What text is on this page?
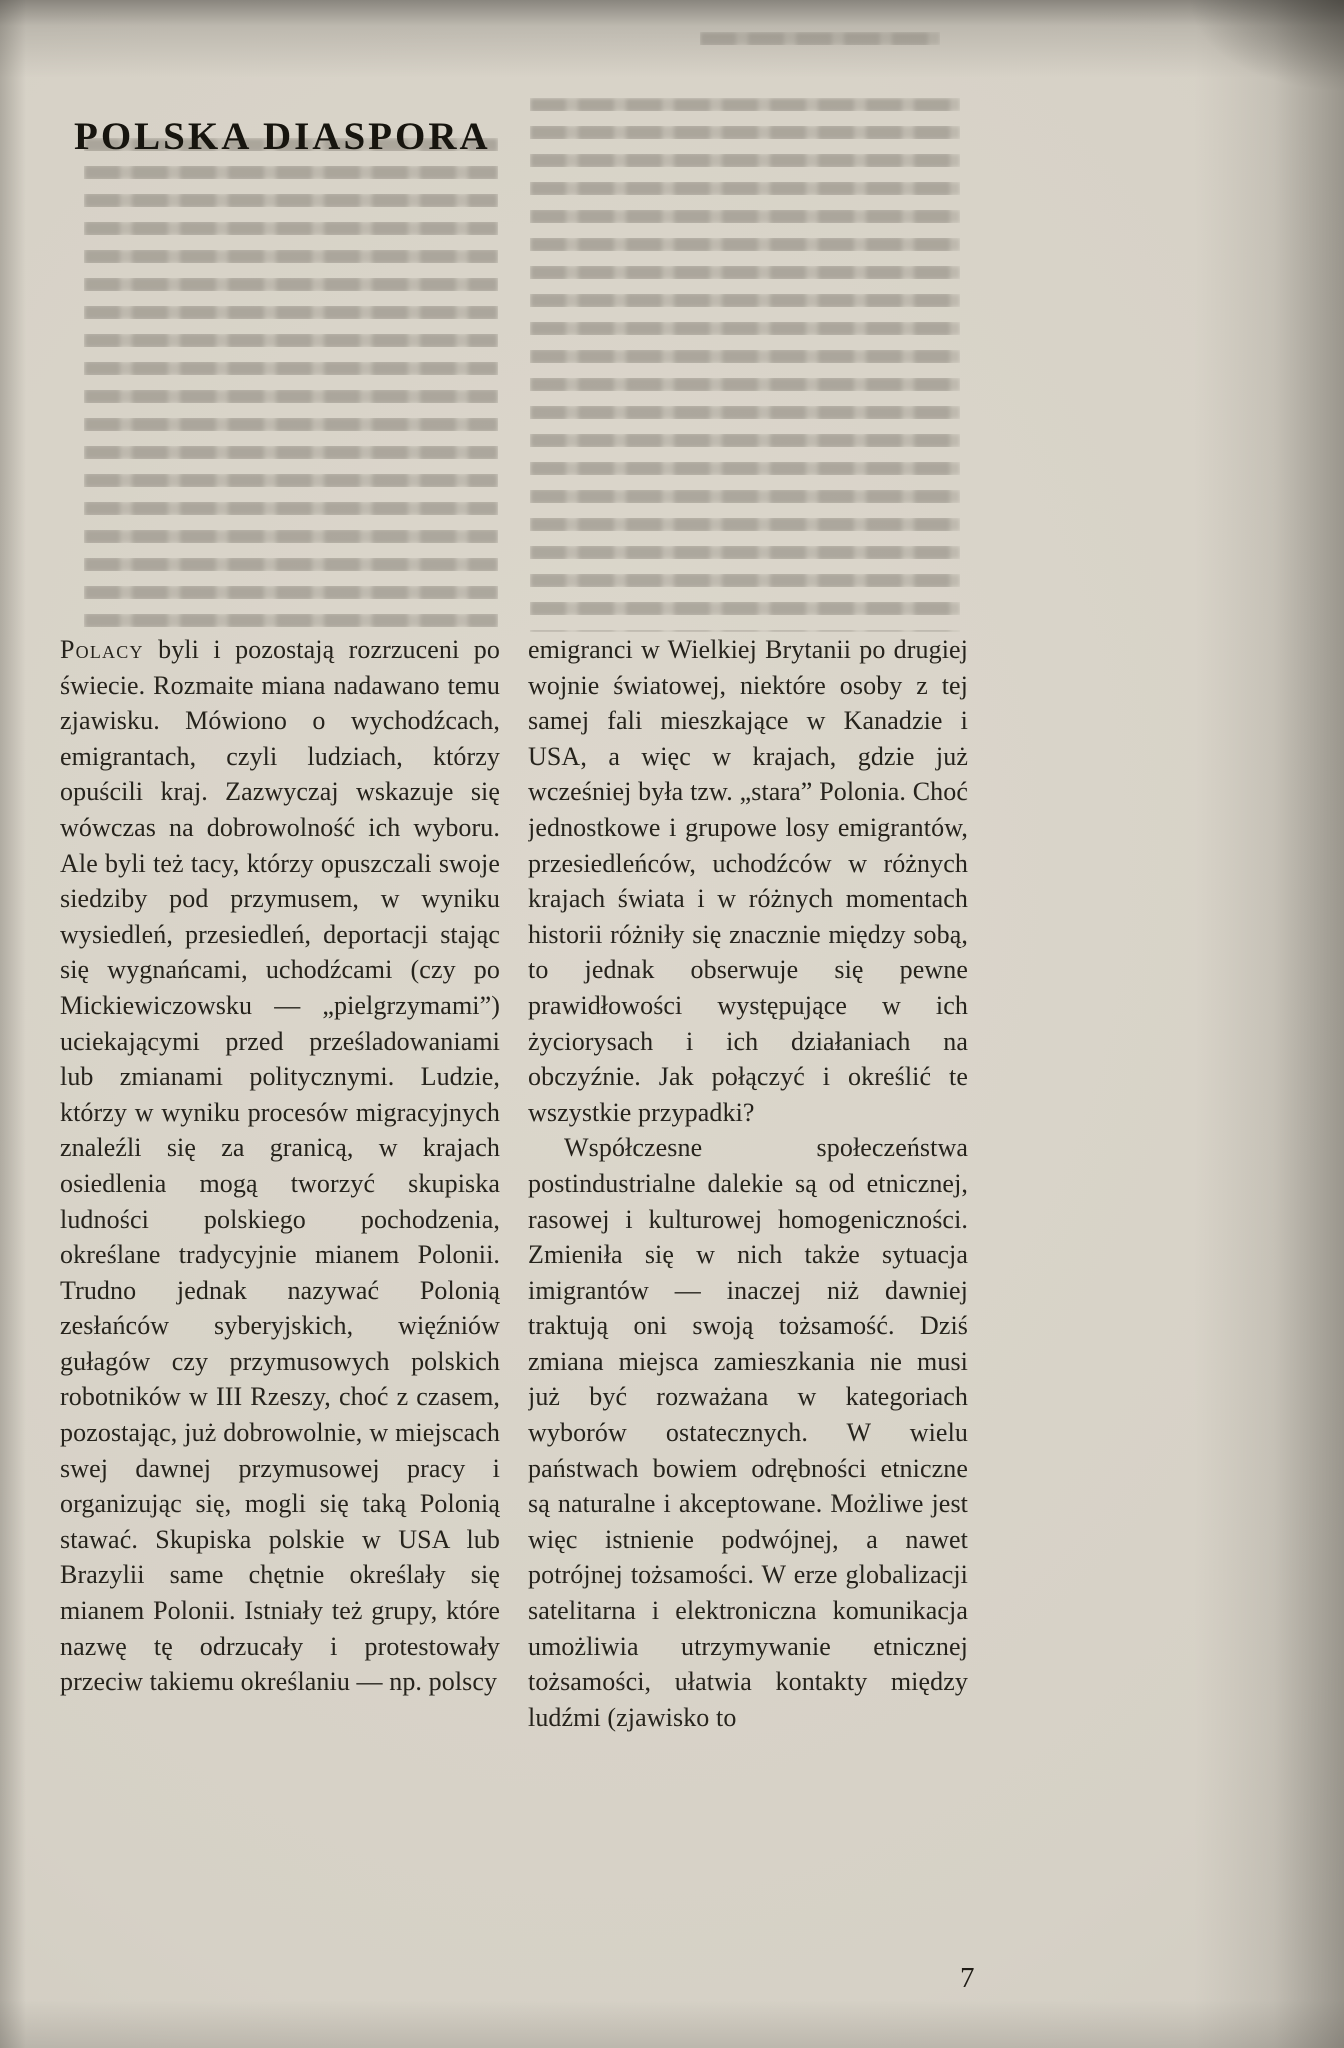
POLSKA DIASPORA

Polacy byli i pozostają rozrzuceni po świecie. Rozmaite miana nadawano temu zjawisku. Mówiono o wychodźcach, emigrantach, czyli ludziach, którzy opuścili kraj. Zazwyczaj wskazuje się wówczas na dobrowolność ich wyboru. Ale byli też tacy, którzy opuszczali swoje siedziby pod przymusem, w wyniku wysiedleń, przesiedleń, deportacji stając się wygnańcami, uchodźcami (czy po Mickiewiczowsku — „pielgrzymami”) uciekającymi przed prześladowaniami lub zmianami politycznymi. Ludzie, którzy w wyniku procesów migracyjnych znaleźli się za granicą, w krajach osiedlenia mogą tworzyć skupiska ludności polskiego pochodzenia, określane tradycyjnie mianem Polonii. Trudno jednak nazywać Polonią zesłańców syberyjskich, więźniów gułagów czy przymusowych polskich robotników w III Rzeszy, choć z czasem, pozostając, już dobrowolnie, w miejscach swej dawnej przymusowej pracy i organizując się, mogli się taką Polonią stawać. Skupiska polskie w USA lub Brazylii same chętnie określały się mianem Polonii. Istniały też grupy, które nazwę tę odrzucały i protestowały przeciw takiemu określaniu — np. polscy

emigranci w Wielkiej Brytanii po drugiej wojnie światowej, niektóre osoby z tej samej fali mieszkające w Kanadzie i USA, a więc w krajach, gdzie już wcześniej była tzw. „stara” Polonia. Choć jednostkowe i grupowe losy emigrantów, przesiedleńców, uchodźców w różnych krajach świata i w różnych momentach historii różniły się znacznie między sobą, to jednak obserwuje się pewne prawidłowości występujące w ich życiorysach i ich działaniach na obczyźnie. Jak połączyć i określić te wszystkie przypadki?

Współczesne społeczeństwa postindustrialne dalekie są od etnicznej, rasowej i kulturowej homogeniczności. Zmieniła się w nich także sytuacja imigrantów — inaczej niż dawniej traktują oni swoją tożsamość. Dziś zmiana miejsca zamieszkania nie musi już być rozważana w kategoriach wyborów ostatecznych. W wielu państwach bowiem odrębności etniczne są naturalne i akceptowane. Możliwe jest więc istnienie podwójnej, a nawet potrójnej tożsamości. W erze globalizacji satelitarna i elektroniczna komunikacja umożliwia utrzymywanie etnicznej tożsamości, ułatwia kontakty między ludźmi (zjawisko to

7
